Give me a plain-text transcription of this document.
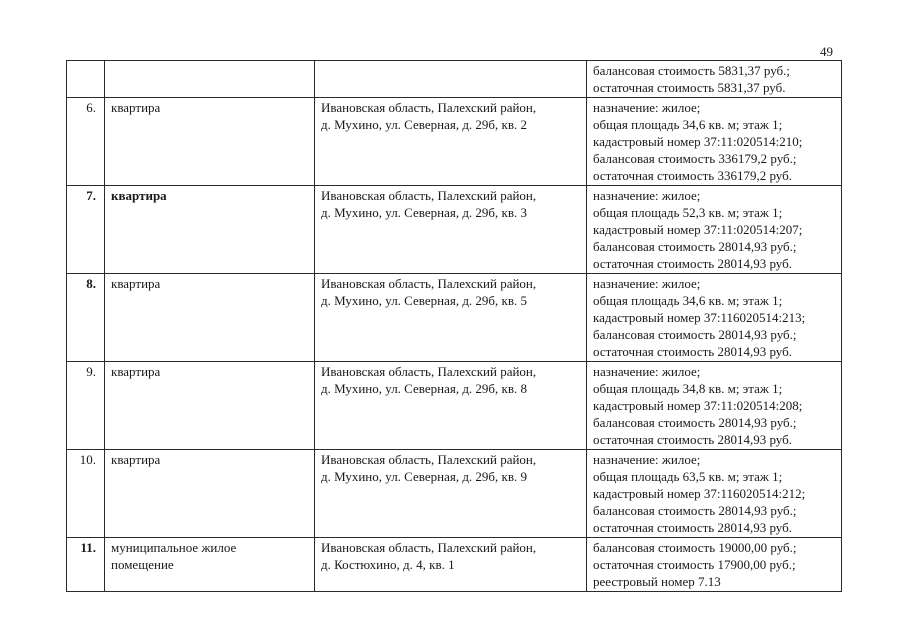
49

			балансовая стоимость 5831,37 руб.;
остаточная стоимость 5831,37 руб.

6.	квартира	Ивановская область, Палехский район,
д. Мухино, ул. Северная, д. 29б, кв. 2	назначение: жилое;
общая площадь 34,6 кв. м; этаж 1;
кадастровый номер 37:11:020514:210;
балансовая стоимость 336179,2 руб.;
остаточная стоимость 336179,2 руб.

7.	квартира	Ивановская область, Палехский район,
д. Мухино, ул. Северная, д. 29б, кв. 3	назначение: жилое;
общая площадь 52,3 кв. м; этаж 1;
кадастровый номер 37:11:020514:207;
балансовая стоимость 28014,93 руб.;
остаточная стоимость 28014,93 руб.

8.	квартира	Ивановская область, Палехский район,
д. Мухино, ул. Северная, д. 29б, кв. 5	назначение: жилое;
общая площадь 34,6 кв. м; этаж 1;
кадастровый номер 37:116020514:213;
балансовая стоимость 28014,93 руб.;
остаточная стоимость 28014,93 руб.

9.	квартира	Ивановская область, Палехский район,
д. Мухино, ул. Северная, д. 29б, кв. 8	назначение: жилое;
общая площадь 34,8 кв. м; этаж 1;
кадастровый номер 37:11:020514:208;
балансовая стоимость 28014,93 руб.;
остаточная стоимость 28014,93 руб.

10.	квартира	Ивановская область, Палехский район,
д. Мухино, ул. Северная, д. 29б, кв. 9	назначение: жилое;
общая площадь 63,5 кв. м; этаж 1;
кадастровый номер 37:116020514:212;
балансовая стоимость 28014,93 руб.;
остаточная стоимость 28014,93 руб.

11.	муниципальное жилое
помещение	Ивановская область, Палехский район,
д. Костюхино, д. 4, кв. 1	балансовая стоимость 19000,00 руб.;
остаточная стоимость 17900,00 руб.;
реестровый номер 7.13
